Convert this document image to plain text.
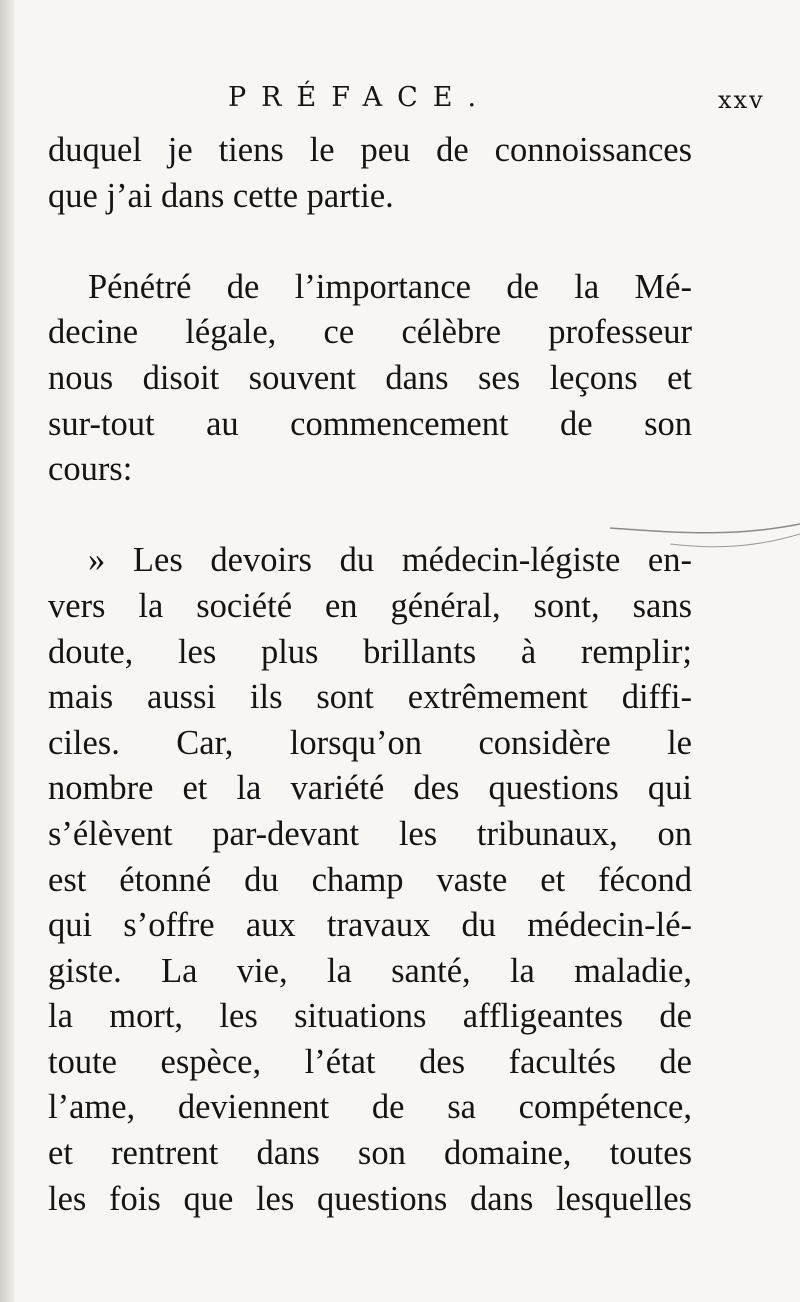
PRÉFACE.	xxv
duquel je tiens le peu de connoissances
que j’ai dans cette partie.
Pénétré de l’importance de la Mé-
decine légale, ce célèbre professeur
nous disoit souvent dans ses leçons et
sur-tout au commencement de son
cours:
» Les devoirs du médecin-légiste en-
vers la société en général, sont, sans
doute, les plus brillants à remplir;
mais aussi ils sont extrêmement diffi-
ciles. Car, lorsqu’on considère le
nombre et la variété des questions qui
s’élèvent par-devant les tribunaux, on
est étonné du champ vaste et fécond
qui s’offre aux travaux du médecin-lé-
giste. La vie, la santé, la maladie,
la mort, les situations affligeantes de
toute espèce, l’état des facultés de
l’ame, deviennent de sa compétence,
et rentrent dans son domaine, toutes
les fois que les questions dans lesquelles
